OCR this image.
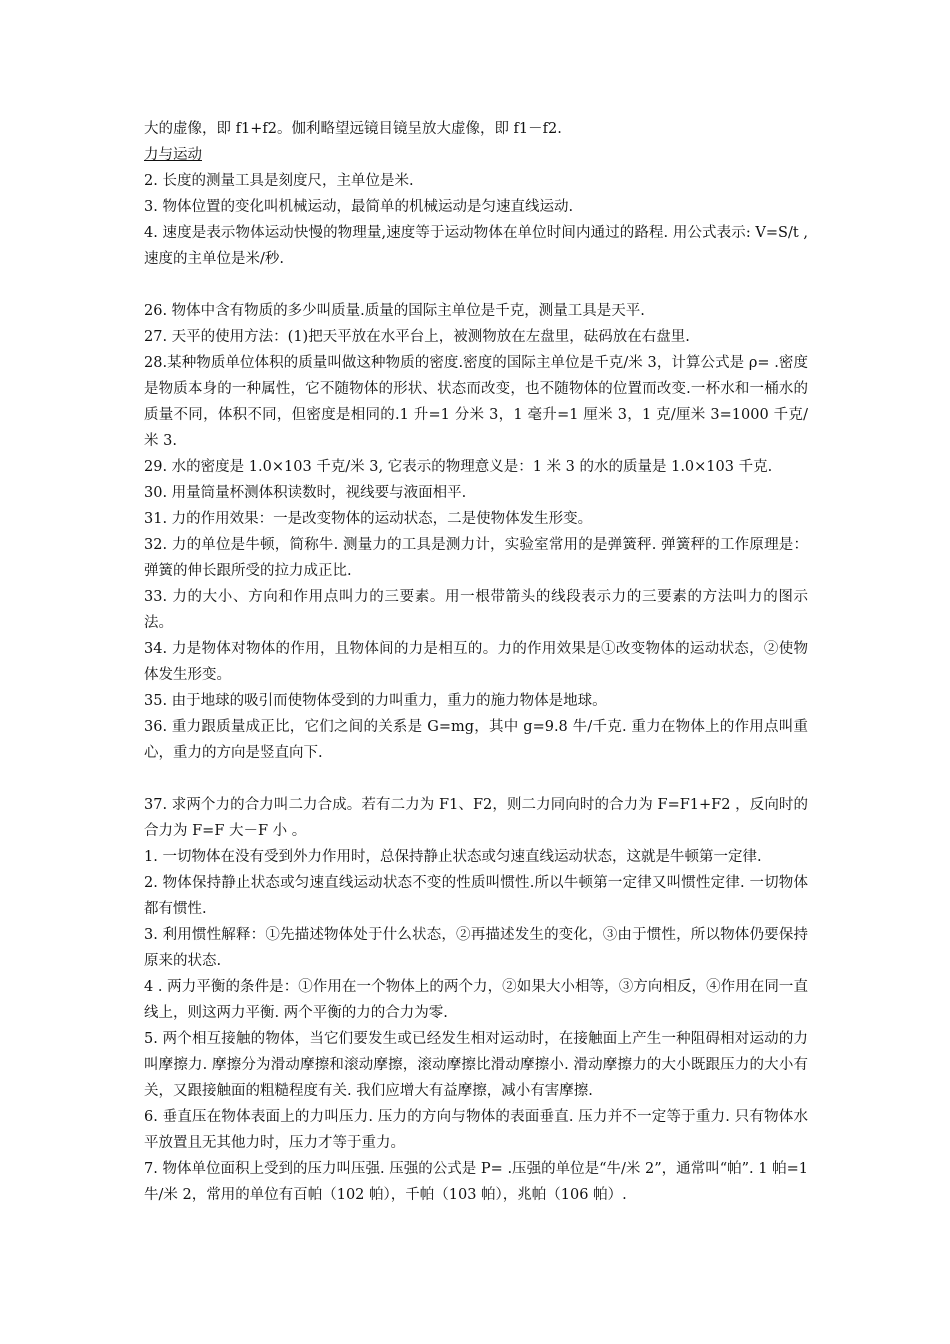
大的虚像，即 f1+f2。伽利略望远镜目镜呈放大虚像，即 f1－f2.

力与运动

2. 长度的测量工具是刻度尺，主单位是米.

3. 物体位置的变化叫机械运动，最简单的机械运动是匀速直线运动.

4. 速度是表示物体运动快慢的物理量,速度等于运动物体在单位时间内通过的路程. 用公式表示: V=S/t ,速度的主单位是米/秒.

26. 物体中含有物质的多少叫质量.质量的国际主单位是千克，测量工具是天平.

27. 天平的使用方法：(1)把天平放在水平台上，被测物放在左盘里，砝码放在右盘里.

28.某种物质单位体积的质量叫做这种物质的密度.密度的国际主单位是千克/米 3，计算公式是 ρ= .密度是物质本身的一种属性，它不随物体的形状、状态而改变，也不随物体的位置而改变.一杯水和一桶水的质量不同，体积不同，但密度是相同的.1 升=1 分米 3，1 毫升=1 厘米 3，1 克/厘米 3=1000 千克/米 3.

29. 水的密度是 1.0×103 千克/米 3, 它表示的物理意义是：1 米 3 的水的质量是 1.0×103 千克.

30. 用量筒量杯测体积读数时，视线要与液面相平.

31. 力的作用效果：一是改变物体的运动状态，二是使物体发生形变。

32. 力的单位是牛顿，简称牛. 测量力的工具是测力计，实验室常用的是弹簧秤. 弹簧秤的工作原理是：弹簧的伸长跟所受的拉力成正比.

33. 力的大小、方向和作用点叫力的三要素。用一根带箭头的线段表示力的三要素的方法叫力的图示法。

34. 力是物体对物体的作用，且物体间的力是相互的。力的作用效果是①改变物体的运动状态，②使物体发生形变。

35. 由于地球的吸引而使物体受到的力叫重力，重力的施力物体是地球。

36. 重力跟质量成正比，它们之间的关系是 G=mg，其中 g=9.8 牛/千克. 重力在物体上的作用点叫重心，重力的方向是竖直向下.

37. 求两个力的合力叫二力合成。若有二力为 F1、F2，则二力同向时的合力为 F=F1+F2 ，反向时的合力为 F=F 大－F 小 。

1. 一切物体在没有受到外力作用时，总保持静止状态或匀速直线运动状态，这就是牛顿第一定律.

2. 物体保持静止状态或匀速直线运动状态不变的性质叫惯性.所以牛顿第一定律又叫惯性定律. 一切物体都有惯性.

3. 利用惯性解释：①先描述物体处于什么状态，②再描述发生的变化，③由于惯性，所以物体仍要保持原来的状态.

4 . 两力平衡的条件是：①作用在一个物体上的两个力，②如果大小相等，③方向相反，④作用在同一直线上，则这两力平衡. 两个平衡的力的合力为零.

5. 两个相互接触的物体，当它们要发生或已经发生相对运动时，在接触面上产生一种阻碍相对运动的力叫摩擦力. 摩擦分为滑动摩擦和滚动摩擦，滚动摩擦比滑动摩擦小. 滑动摩擦力的大小既跟压力的大小有关，又跟接触面的粗糙程度有关. 我们应增大有益摩擦，减小有害摩擦.

6. 垂直压在物体表面上的力叫压力. 压力的方向与物体的表面垂直. 压力并不一定等于重力. 只有物体水平放置且无其他力时，压力才等于重力。

7. 物体单位面积上受到的压力叫压强. 压强的公式是 P= .压强的单位是“牛/米 2”，通常叫“帕”. 1 帕=1 牛/米 2，常用的单位有百帕（102 帕），千帕（103 帕），兆帕（106 帕）.
